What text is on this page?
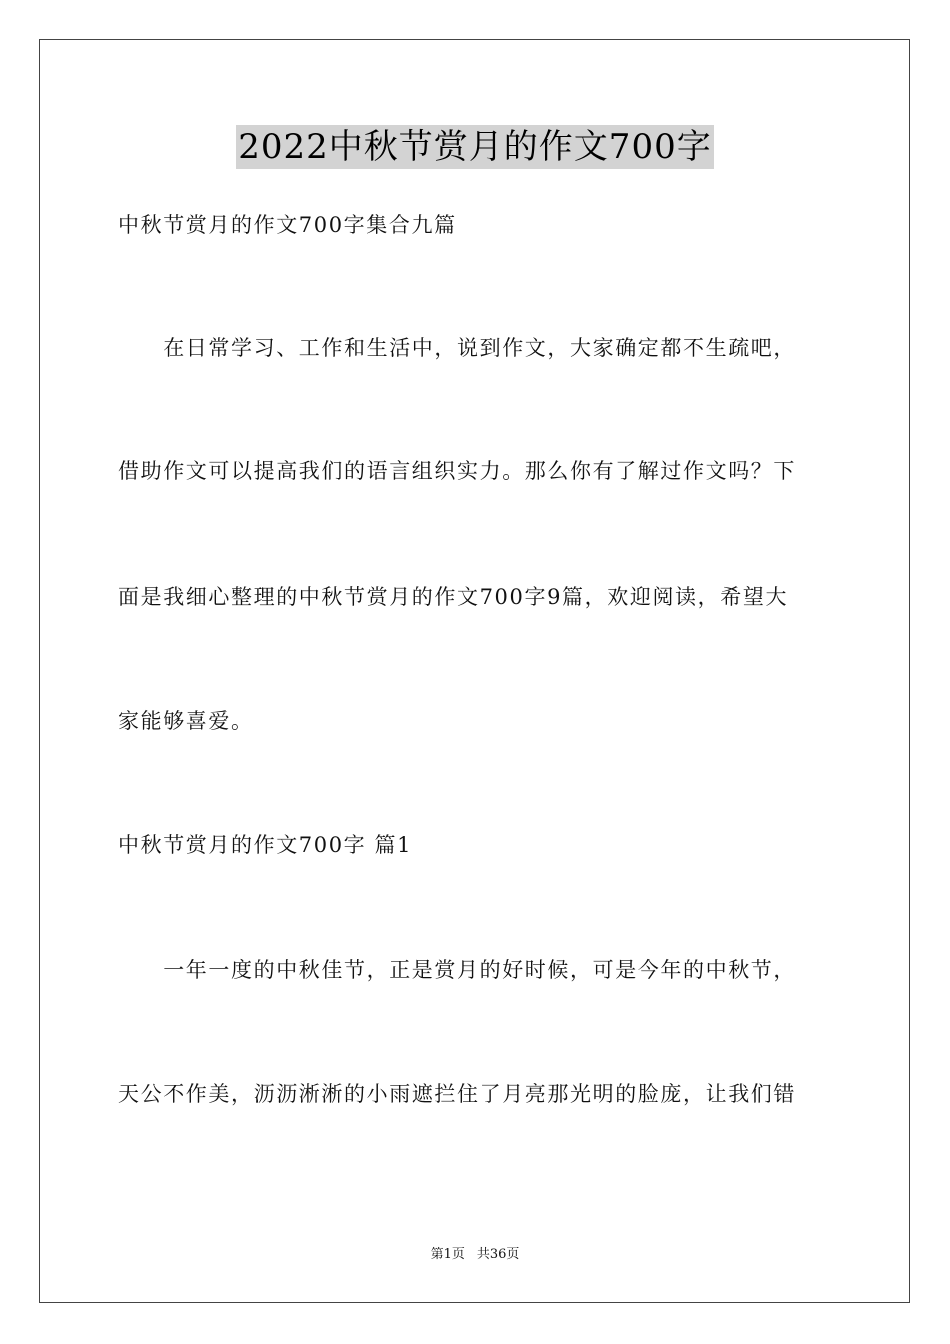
2022中秋节赏月的作文700字
中秋节赏月的作文700字集合九篇
　　在日常学习、工作和生活中，说到作文，大家确定都不生疏吧，
借助作文可以提高我们的语言组织实力。那么你有了解过作文吗？下
面是我细心整理的中秋节赏月的作文700字9篇，欢迎阅读，希望大
家能够喜爱。
中秋节赏月的作文700字 篇1
　　一年一度的中秋佳节，正是赏月的好时候，可是今年的中秋节，
天公不作美，沥沥淅淅的小雨遮拦住了月亮那光明的脸庞，让我们错
第1页 共36页
